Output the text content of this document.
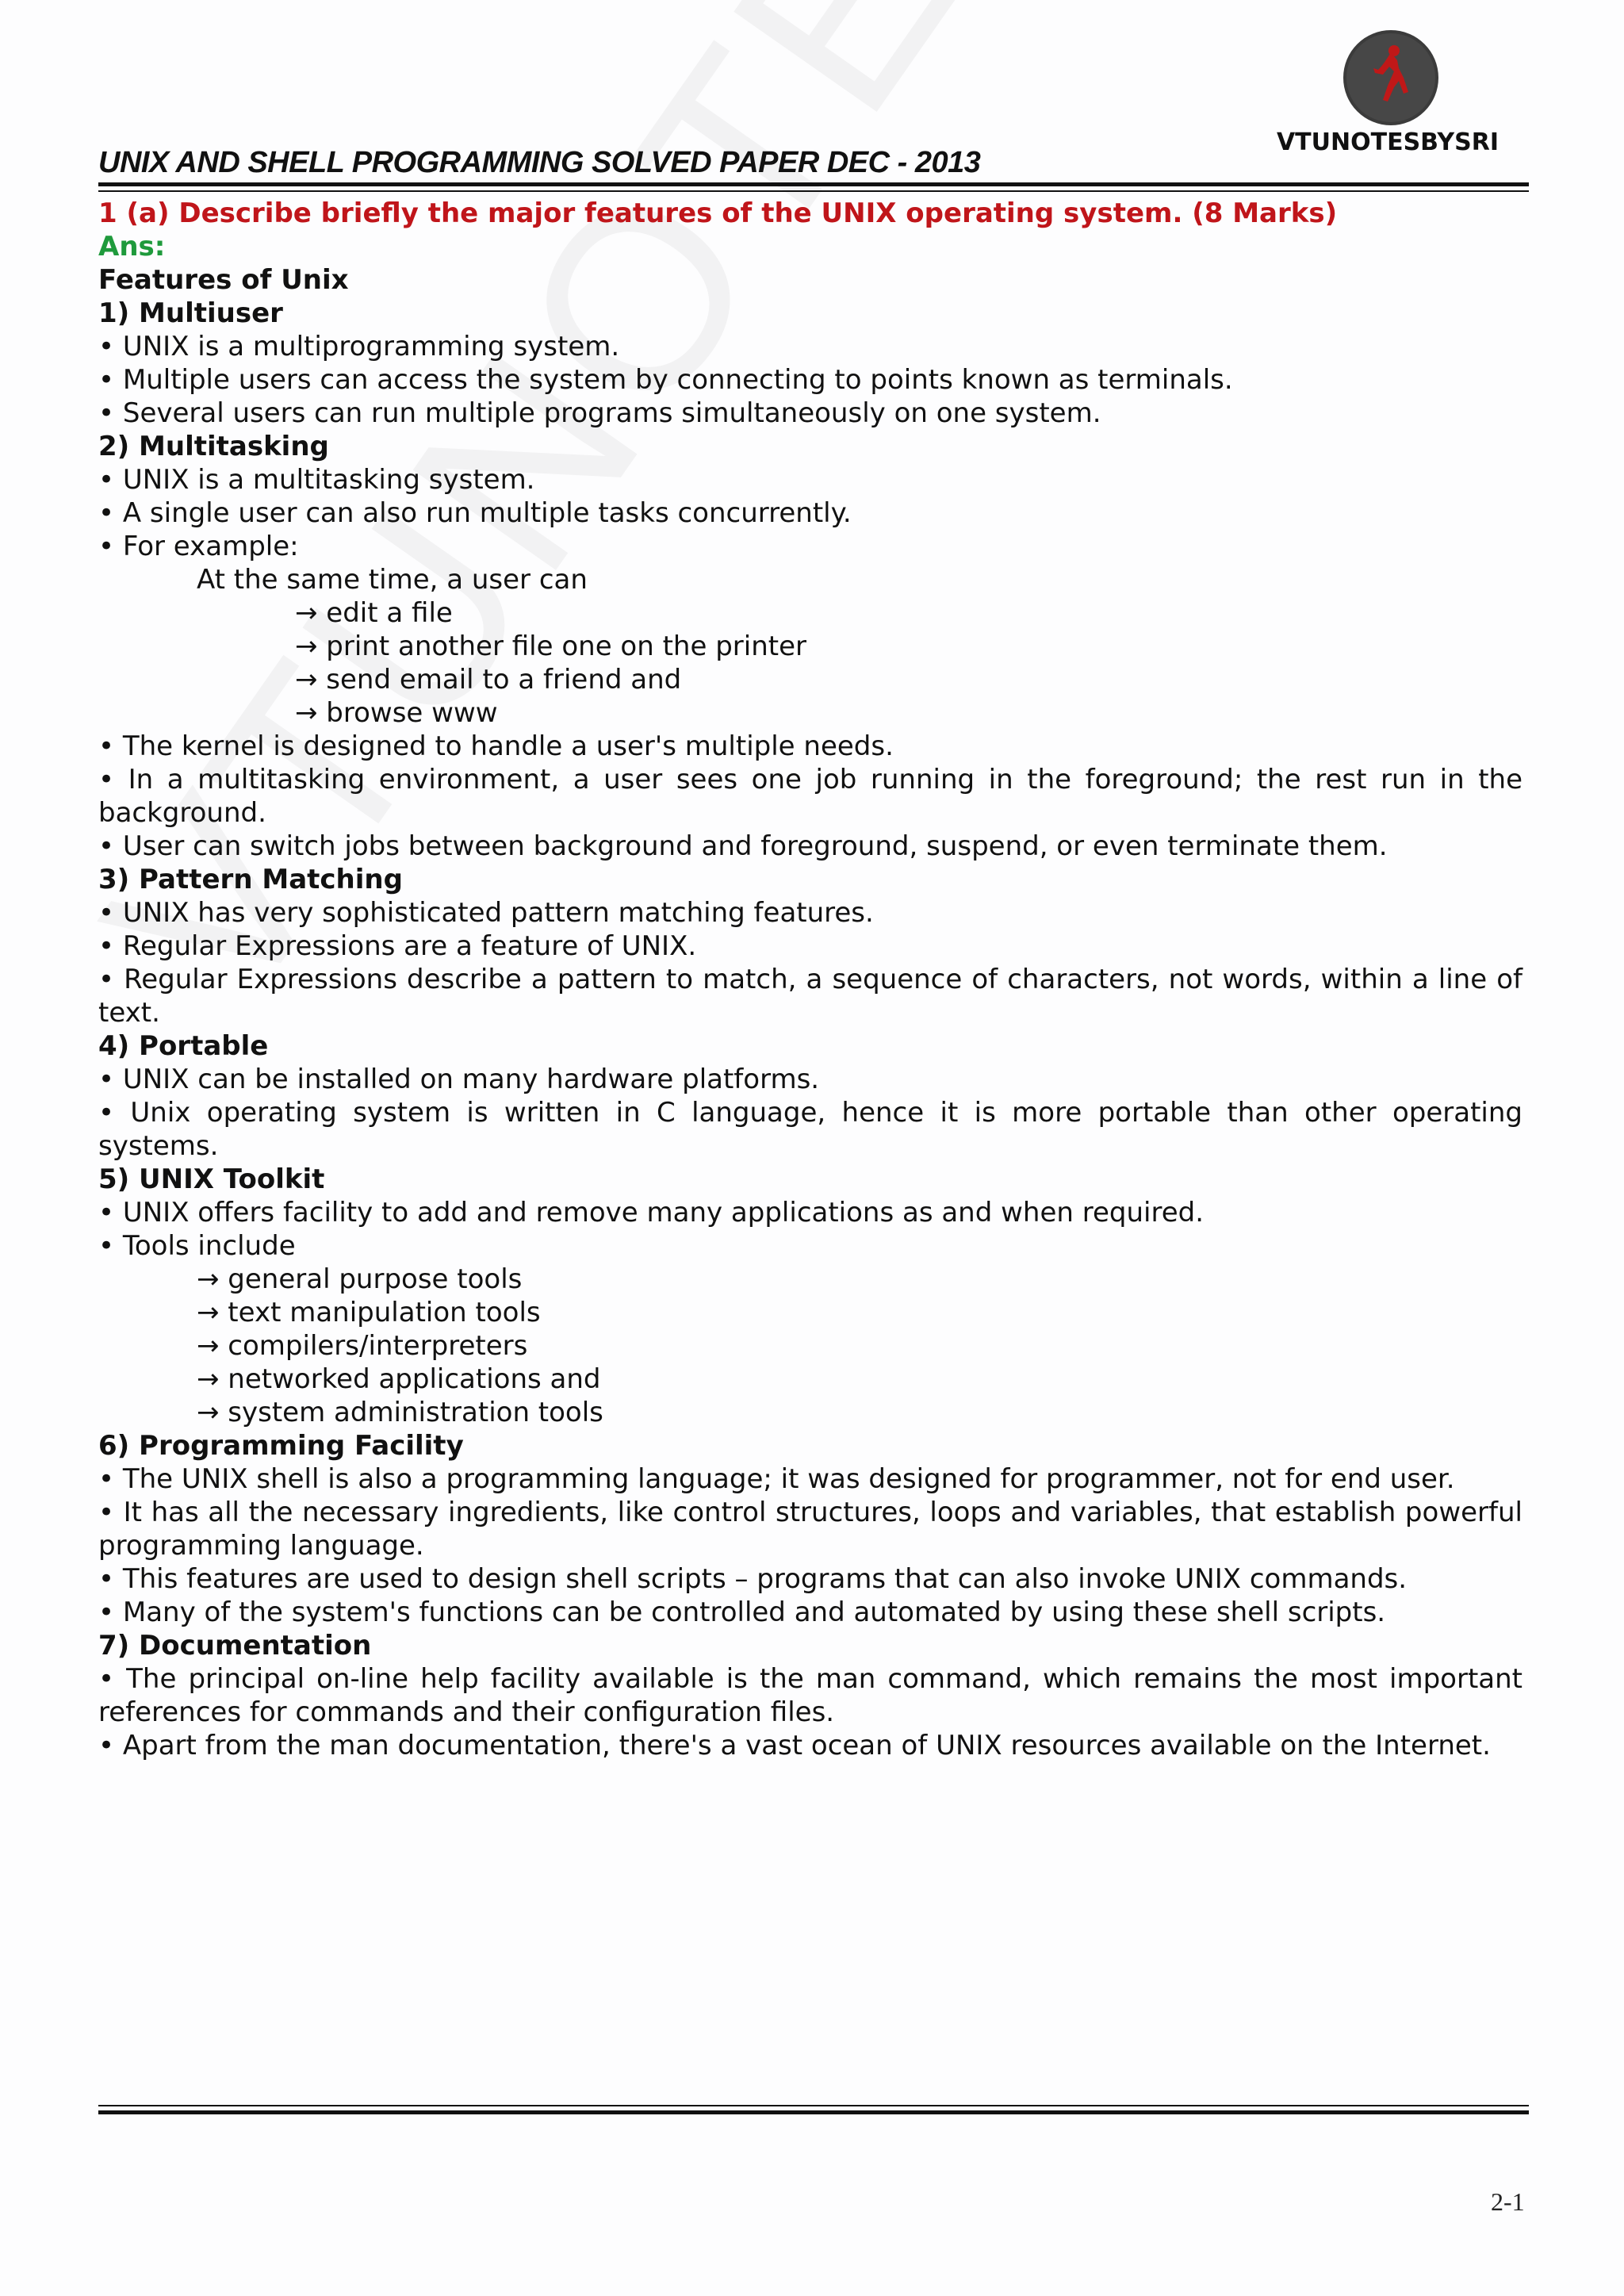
VTUNOTESBYSRI
UNIX AND SHELL PROGRAMMING SOLVED PAPER DEC - 2013
1 (a) Describe briefly the major features of the UNIX operating system. (8 Marks)
Ans:
Features of Unix
1) Multiuser
• UNIX is a multiprogramming system.
• Multiple users can access the system by connecting to points known as terminals.
• Several users can run multiple programs simultaneously on one system.
2) Multitasking
• UNIX is a multitasking system.
• A single user can also run multiple tasks concurrently.
• For example:
At the same time, a user can
→ edit a file
→ print another file one on the printer
→ send email to a friend and
→ browse www
• The kernel is designed to handle a user's multiple needs.
• In a multitasking environment, a user sees one job running in the foreground; the rest run in the background.
• User can switch jobs between background and foreground, suspend, or even terminate them.
3) Pattern Matching
• UNIX has very sophisticated pattern matching features.
• Regular Expressions are a feature of UNIX.
• Regular Expressions describe a pattern to match, a sequence of characters, not words, within a line of text.
4) Portable
• UNIX can be installed on many hardware platforms.
• Unix operating system is written in C language, hence it is more portable than other operating systems.
5) UNIX Toolkit
• UNIX offers facility to add and remove many applications as and when required.
• Tools include
→ general purpose tools
→ text manipulation tools
→ compilers/interpreters
→ networked applications and
→ system administration tools
6) Programming Facility
• The UNIX shell is also a programming language; it was designed for programmer, not for end user.
• It has all the necessary ingredients, like control structures, loops and variables, that establish powerful programming language.
• This features are used to design shell scripts – programs that can also invoke UNIX commands.
• Many of the system's functions can be controlled and automated by using these shell scripts.
7) Documentation
• The principal on-line help facility available is the man command, which remains the most important references for commands and their configuration files.
• Apart from the man documentation, there's a vast ocean of UNIX resources available on the Internet.
2-1
